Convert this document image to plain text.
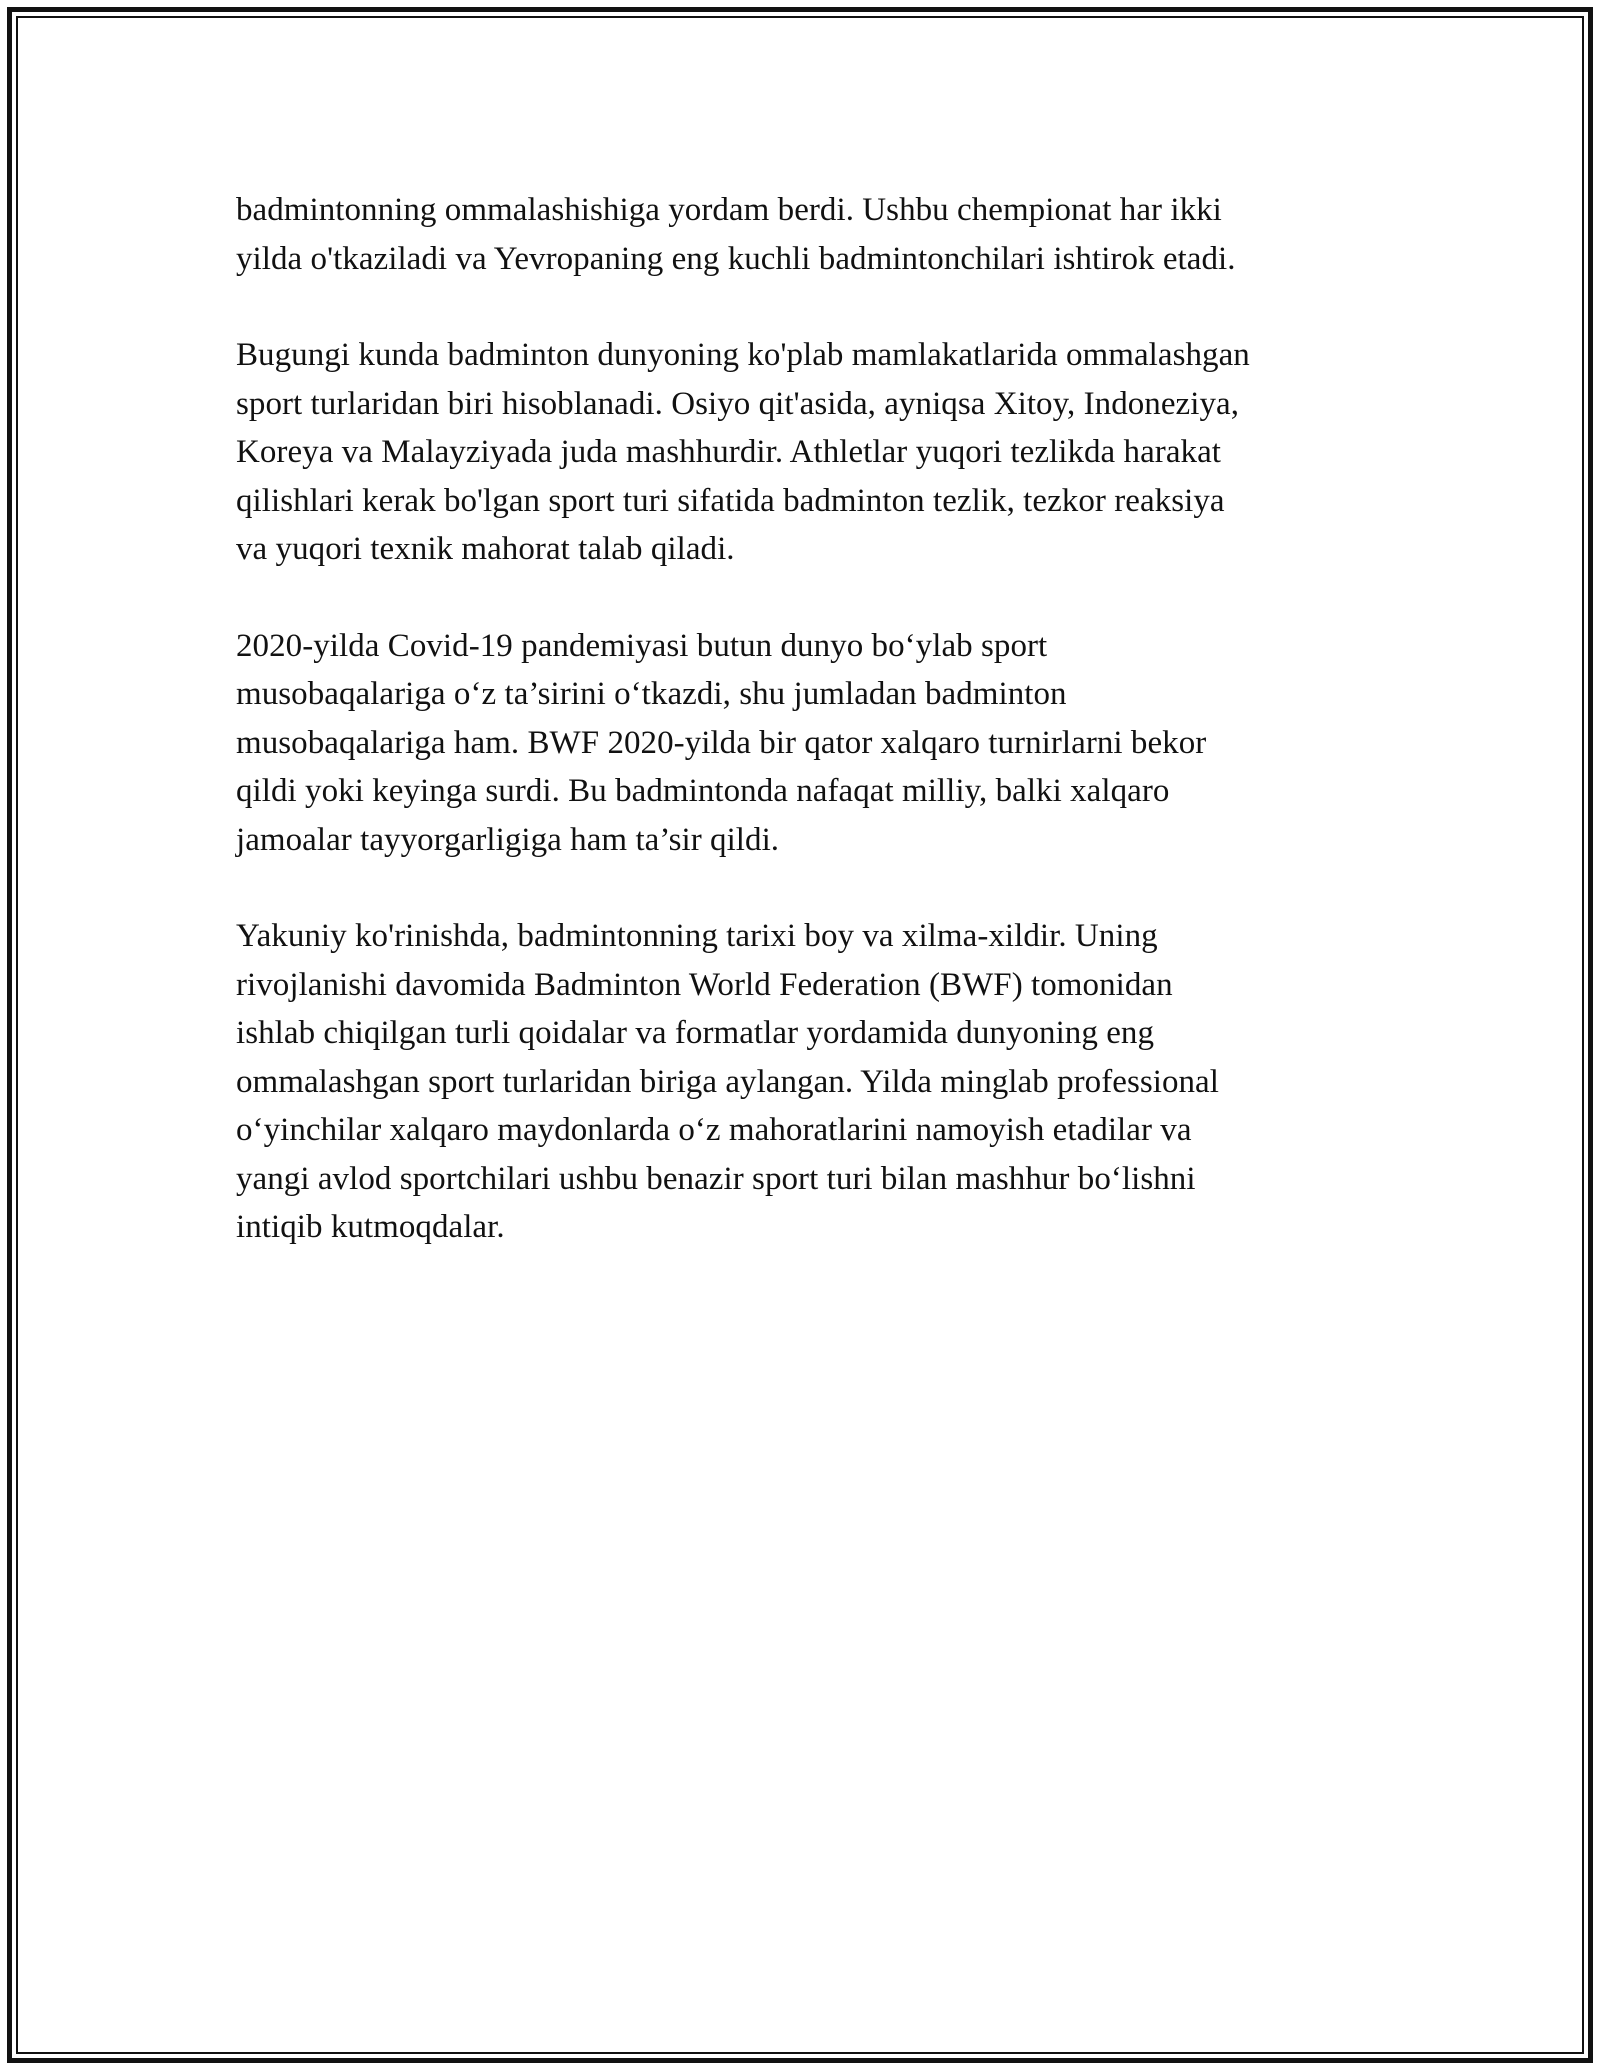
badmintonning ommalashishiga yordam berdi. Ushbu chempionat har ikki
yilda o'tkaziladi va Yevropaning eng kuchli badmintonchilari ishtirok etadi.

Bugungi kunda badminton dunyoning ko'plab mamlakatlarida ommalashgan
sport turlaridan biri hisoblanadi. Osiyo qit'asida, ayniqsa Xitoy, Indoneziya,
Koreya va Malayziyada juda mashhurdir. Athletlar yuqori tezlikda harakat
qilishlari kerak bo'lgan sport turi sifatida badminton tezlik, tezkor reaksiya
va yuqori texnik mahorat talab qiladi.

2020-yilda Covid-19 pandemiyasi butun dunyo bo‘ylab sport
musobaqalariga o‘z ta’sirini o‘tkazdi, shu jumladan badminton
musobaqalariga ham. BWF 2020-yilda bir qator xalqaro turnirlarni bekor
qildi yoki keyinga surdi. Bu badmintonda nafaqat milliy, balki xalqaro
jamoalar tayyorgarligiga ham ta’sir qildi.

Yakuniy ko'rinishda, badmintonning tarixi boy va xilma-xildir. Uning
rivojlanishi davomida Badminton World Federation (BWF) tomonidan
ishlab chiqilgan turli qoidalar va formatlar yordamida dunyoning eng
ommalashgan sport turlaridan biriga aylangan. Yilda minglab professional
o‘yinchilar xalqaro maydonlarda o‘z mahoratlarini namoyish etadilar va
yangi avlod sportchilari ushbu benazir sport turi bilan mashhur bo‘lishni
intiqib kutmoqdalar.
